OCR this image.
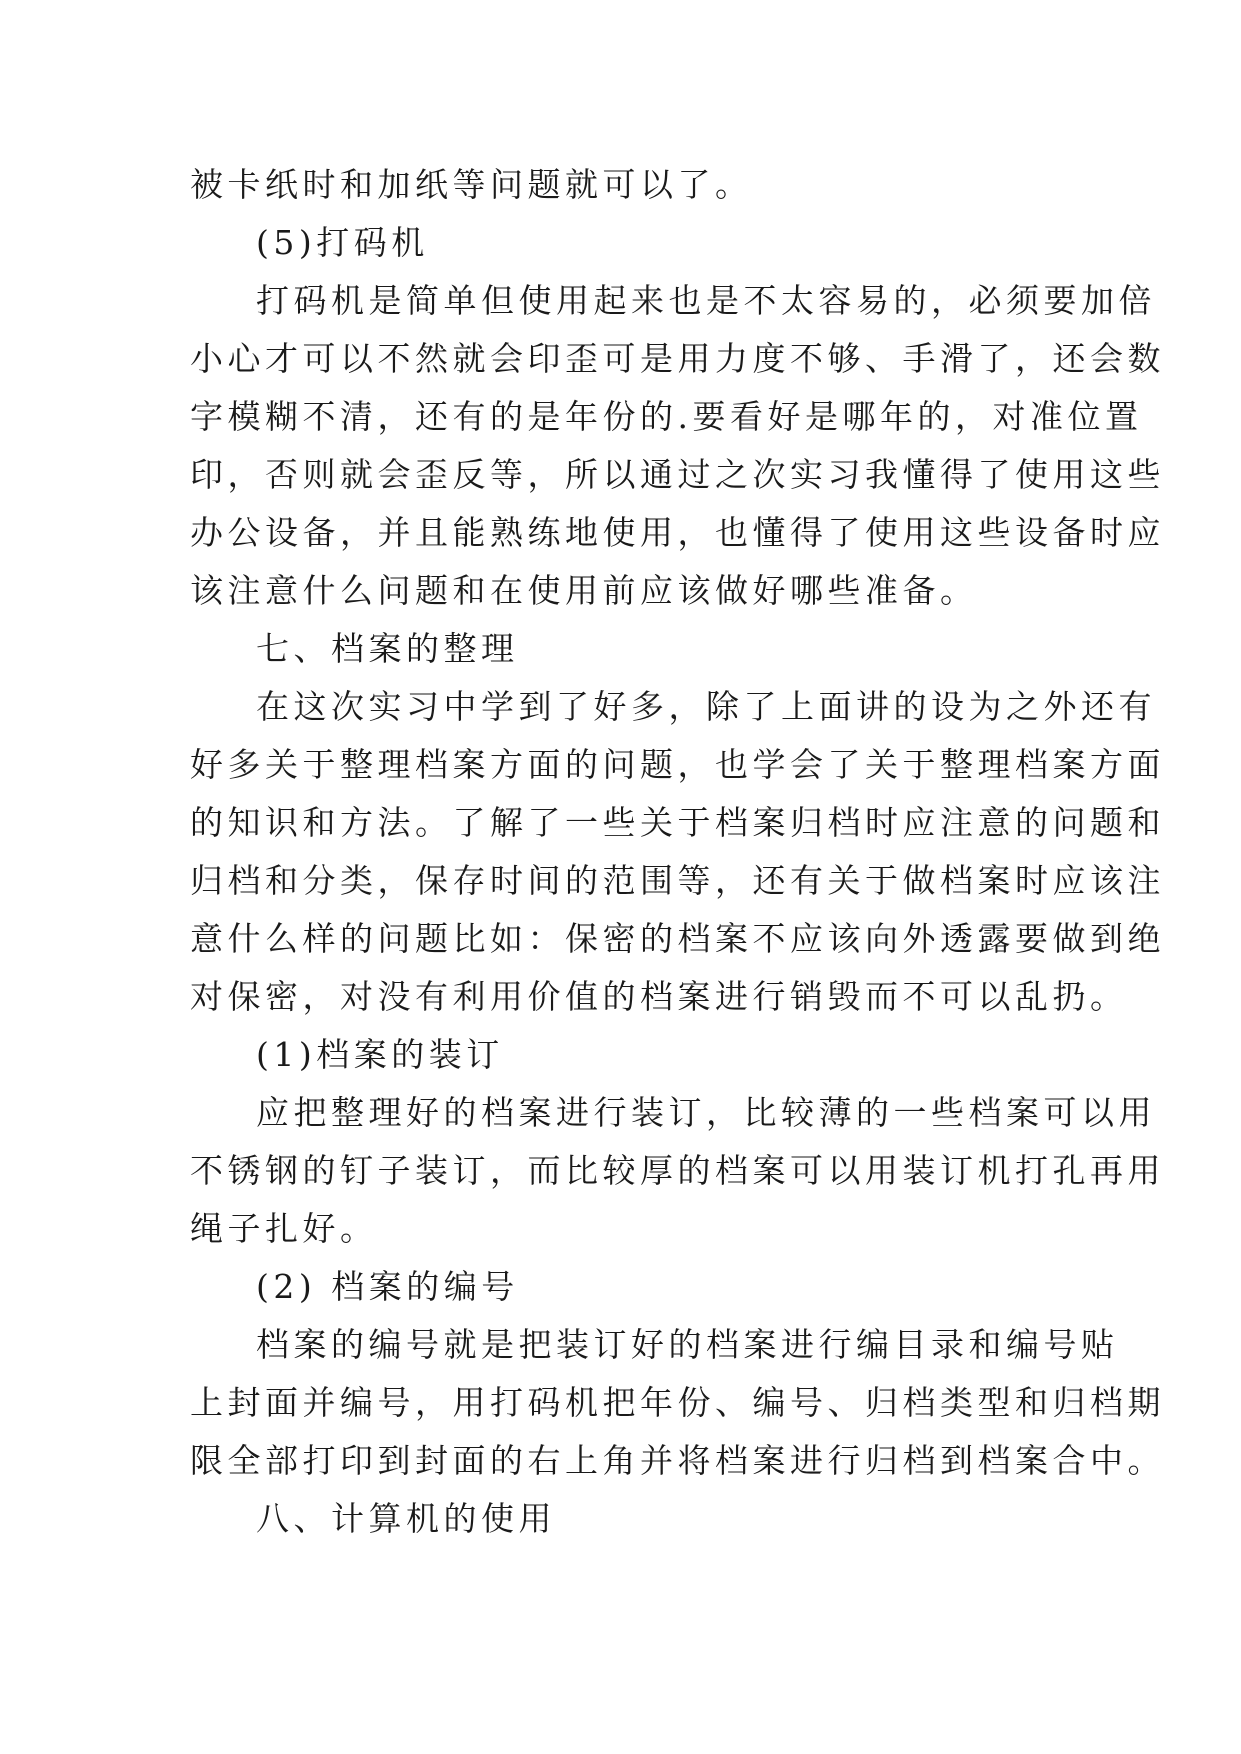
被卡纸时和加纸等问题就可以了。
(5)打码机
打码机是简单但使用起来也是不太容易的，必须要加倍
小心才可以不然就会印歪可是用力度不够、手滑了，还会数
字模糊不清，还有的是年份的.要看好是哪年的，对准位置
印，否则就会歪反等，所以通过之次实习我懂得了使用这些
办公设备，并且能熟练地使用，也懂得了使用这些设备时应
该注意什么问题和在使用前应该做好哪些准备。
七、档案的整理
在这次实习中学到了好多，除了上面讲的设为之外还有
好多关于整理档案方面的问题，也学会了关于整理档案方面
的知识和方法。了解了一些关于档案归档时应注意的问题和
归档和分类，保存时间的范围等，还有关于做档案时应该注
意什么样的问题比如：保密的档案不应该向外透露要做到绝
对保密，对没有利用价值的档案进行销毁而不可以乱扔。
(1)档案的装订
应把整理好的档案进行装订，比较薄的一些档案可以用
不锈钢的钉子装订，而比较厚的档案可以用装订机打孔再用
绳子扎好。
(2) 档案的编号
档案的编号就是把装订好的档案进行编目录和编号贴
上封面并编号，用打码机把年份、编号、归档类型和归档期
限全部打印到封面的右上角并将档案进行归档到档案合中。
八、计算机的使用
